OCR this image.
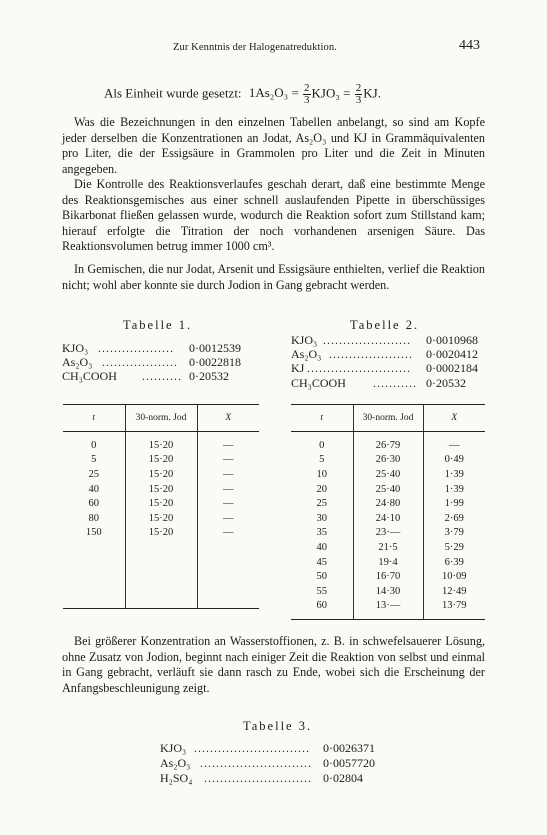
Zur Kenntnis der Halogenatreduktion.	443
Als Einheit wurde gesetzt: $1As_2O_3 = \frac{2}{3} KJO_3 = \frac{2}{3}$ KJ.

Was die Bezeichnungen in den einzelnen Tabellen anbelangt, so sind am Kopfe jeder derselben die Konzentrationen an Jodat, As₂O₃ und KJ in Grammäquivalenten pro Liter, die der Essigsäure in Grammolen pro Liter und die Zeit in Minuten angegeben.

Die Kontrolle des Reaktionsverlaufes geschah derart, daß eine bestimmte Menge des Reaktionsgemisches aus einer schnell auslaufenden Pipette in überschüssiges Bikarbonat fließen gelassen wurde, wodurch die Reaktion sofort zum Stillstand kam; hierauf erfolgte die Titration der noch vorhandenen arsenigen Säure. Das Reaktionsvolumen betrug immer 1000 cm³.

In Gemischen, die nur Jodat, Arsenit und Essigsäure enthielten, verlief die Reaktion nicht; wohl aber konnte sie durch Jodion in Gang gebracht werden.

Tabelle 1.
KJO₃ ...................	0·0012539
As₂O₃ ................... 0·0022818
CH₃COOH .......... 0·20532
t	30-norm. Jod	X
0	15·20	—
5	15·20	—
25	15·20	—
40	15·20	—
60	15·20	—
80	15·20	—
150	15·20	—

Tabelle 2.
KJO₃ ......................	0·0010968
As₂O₃ .....................	0·0020412
KJ ..........................	0·0002184
CH₃COOH ........... 0·20532
t	30-norm. Jod	X
0	26·79	—
5	26·30	0·49
10	25·40	1·39
20	25·40	1·39
25	24·80	1·99
30	24·10	2·69
35	23·—	3·79
40	21·5	5·29
45	19·4	6·39
50	16·70	10·09
55	14·30	12·49
60	13·—	13·79

Bei größerer Konzentration an Wasserstoffionen, z. B. in schwefelsauerer Lösung, ohne Zusatz von Jodion, beginnt nach einiger Zeit die Reaktion von selbst und einmal in Gang gebracht, verläuft sie dann rasch zu Ende, wobei sich die Erscheinung der Anfangsbeschleunigung zeigt.

Tabelle 3.
KJO₃ .............................	0·0026371
As₂O₃ ............................ 0·0057720
H₂SO₄ ........................... 0·02804
